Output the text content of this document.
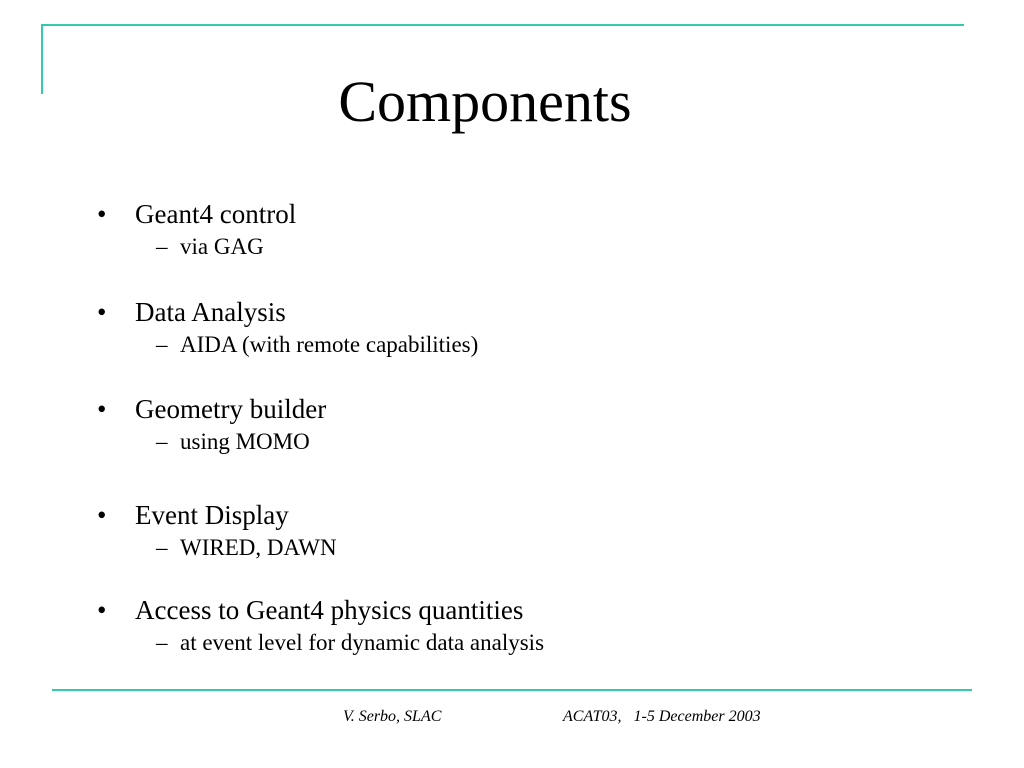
Components
• Geant4 control
– via GAG
• Data Analysis
– AIDA (with remote capabilities)
• Geometry builder
– using MOMO
• Event Display
– WIRED, DAWN
• Access to Geant4 physics quantities
– at event level for dynamic data analysis
V. Serbo, SLAC	ACAT03,   1-5 December 2003
